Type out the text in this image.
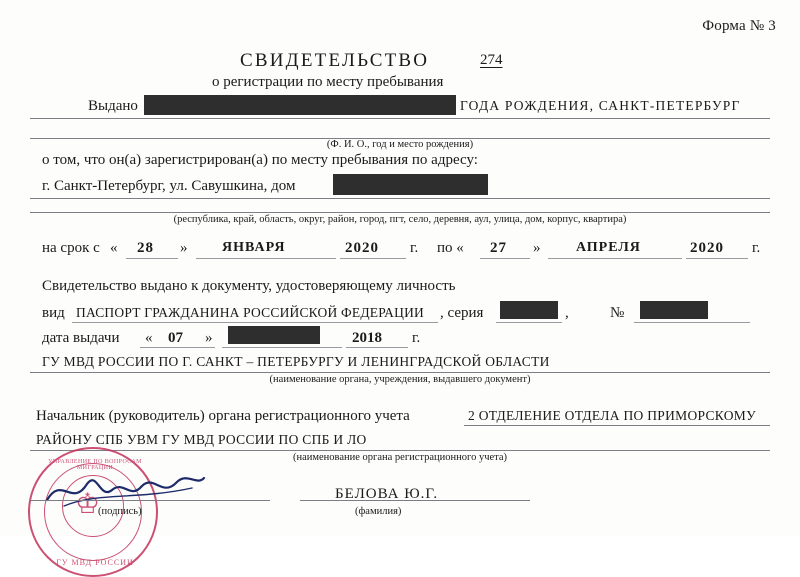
Форма № 3
СВИДЕТЕЛЬСТВО	274
о регистрации по месту пребывания
Выдано	ГОДА РОЖДЕНИЯ, САНКТ-ПЕТЕРБУРГ
(Ф. И. О., год и место рождения)
о том, что он(а) зарегистрирован(а) по месту пребывания по адресу:
г. Санкт-Петербург, ул. Савушкина, дом
(республика, край, область, округ, район, город, пгт, село, деревня, аул, улица, дом, корпус, квартира)
на срок с « 28 » ЯНВАРЯ	2020 г. по « 27 »	АПРЕЛЯ	2020 г.
Свидетельство выдано к документу, удостоверяющему личность
вид ПАСПОРТ ГРАЖДАНИНА РОССИЙСКОЙ ФЕДЕРАЦИИ , серия	,	№
дата выдачи « 07 »	2018 г.
ГУ МВД РОССИИ ПО Г. САНКТ – ПЕТЕРБУРГУ И ЛЕНИНГРАДСКОЙ ОБЛАСТИ
(наименование органа, учреждения, выдавшего документ)
Начальник (руководитель) органа регистрационного учета	2 ОТДЕЛЕНИЕ ОТДЕЛА ПО ПРИМОРСКОМУ
РАЙОНУ СПБ УВМ ГУ МВД РОССИИ ПО СПБ И ЛО
(наименование органа регистрационного учета)
♔
УПРАВЛЕНИЕ ПО ВОПРОСАМ МИГРАЦИИ
ГУ МВД РОССИИ
(подпись)
БЕЛОВА Ю.Г.
(фамилия)
